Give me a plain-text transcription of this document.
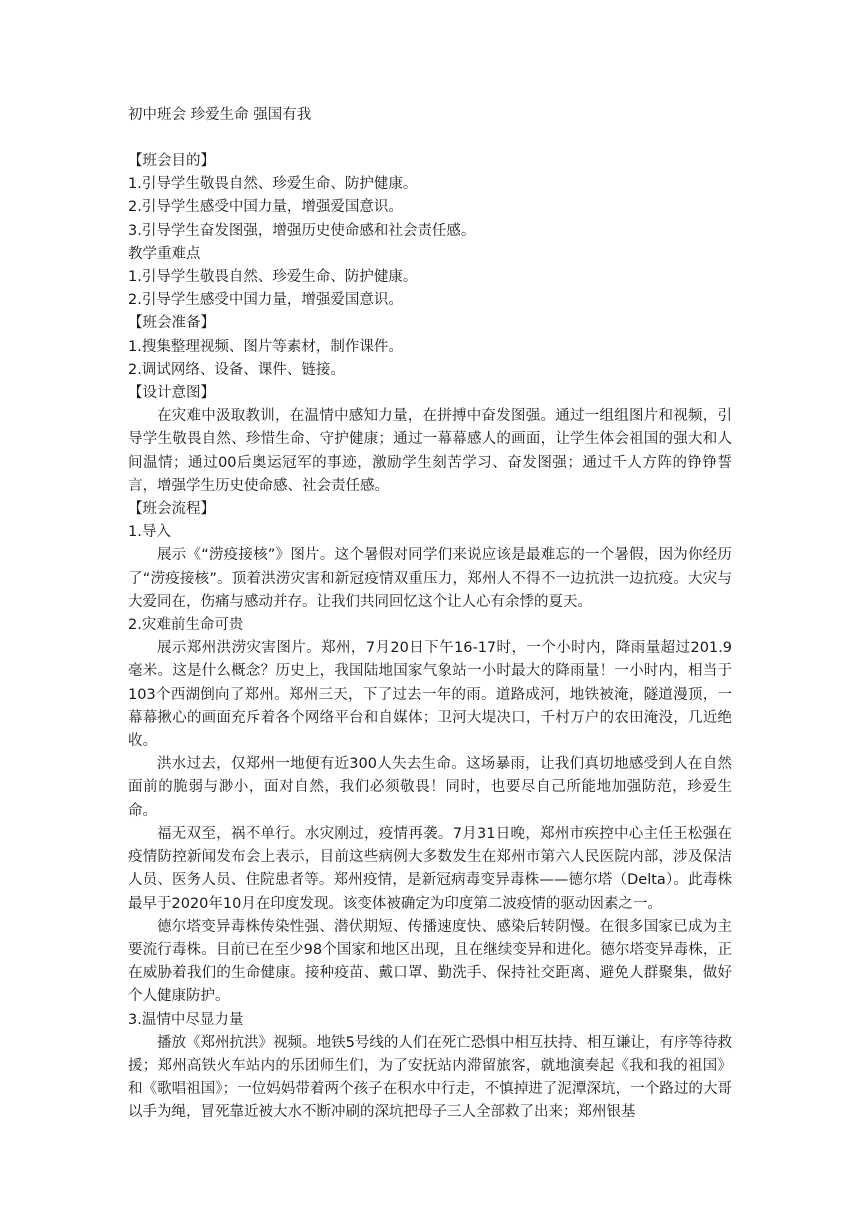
初中班会 珍爱生命 强国有我

【班会目的】

1.引导学生敬畏自然、珍爱生命、防护健康。

2.引导学生感受中国力量，增强爱国意识。

3.引导学生奋发图强，增强历史使命感和社会责任感。

教学重难点

1.引导学生敬畏自然、珍爱生命、防护健康。

2.引导学生感受中国力量，增强爱国意识。

【班会准备】

1.搜集整理视频、图片等素材，制作课件。

2.调试网络、设备、课件、链接。

【设计意图】

在灾难中汲取教训，在温情中感知力量，在拼搏中奋发图强。通过一组组图片和视频，引导学生敬畏自然、珍惜生命、守护健康；通过一幕幕感人的画面，让学生体会祖国的强大和人间温情；通过00后奥运冠军的事迹，激励学生刻苦学习、奋发图强；通过千人方阵的铮铮誓言，增强学生历史使命感、社会责任感。

【班会流程】

1.导入

展示《“涝疫接核”》图片。这个暑假对同学们来说应该是最难忘的一个暑假，因为你经历了“涝疫接核”。顶着洪涝灾害和新冠疫情双重压力，郑州人不得不一边抗洪一边抗疫。大灾与大爱同在，伤痛与感动并存。让我们共同回忆这个让人心有余悸的夏天。

2.灾难前生命可贵

展示郑州洪涝灾害图片。郑州，7月20日下午16-17时，一个小时内，降雨量超过201.9毫米。这是什么概念？历史上，我国陆地国家气象站一小时最大的降雨量！一小时内，相当于103个西湖倒向了郑州。郑州三天，下了过去一年的雨。道路成河，地铁被淹，隧道漫顶，一幕幕揪心的画面充斥着各个网络平台和自媒体；卫河大堤决口，千村万户的农田淹没，几近绝收。

洪水过去，仅郑州一地便有近300人失去生命。这场暴雨，让我们真切地感受到人在自然面前的脆弱与渺小，面对自然，我们必须敬畏！同时，也要尽自己所能地加强防范，珍爱生命。

福无双至，祸不单行。水灾刚过，疫情再袭。7月31日晚，郑州市疾控中心主任王松强在疫情防控新闻发布会上表示，目前这些病例大多数发生在郑州市第六人民医院内部，涉及保洁人员、医务人员、住院患者等。郑州疫情，是新冠病毒变异毒株——德尔塔（Delta）。此毒株最早于2020年10月在印度发现。该变体被确定为印度第二波疫情的驱动因素之一。

德尔塔变异毒株传染性强、潜伏期短、传播速度快、感染后转阴慢。在很多国家已成为主要流行毒株。目前已在至少98个国家和地区出现，且在继续变异和进化。德尔塔变异毒株，正在威胁着我们的生命健康。接种疫苗、戴口罩、勤洗手、保持社交距离、避免人群聚集，做好个人健康防护。

3.温情中尽显力量

播放《郑州抗洪》视频。地铁5号线的人们在死亡恐惧中相互扶持、相互谦让，有序等待救援；郑州高铁火车站内的乐团师生们，为了安抚站内滞留旅客，就地演奏起《我和我的祖国》和《歌唱祖国》；一位妈妈带着两个孩子在积水中行走，不慎掉进了泥潭深坑，一个路过的大哥以手为绳，冒死靠近被大水不断冲刷的深坑把母子三人全部救了出来；郑州银基
